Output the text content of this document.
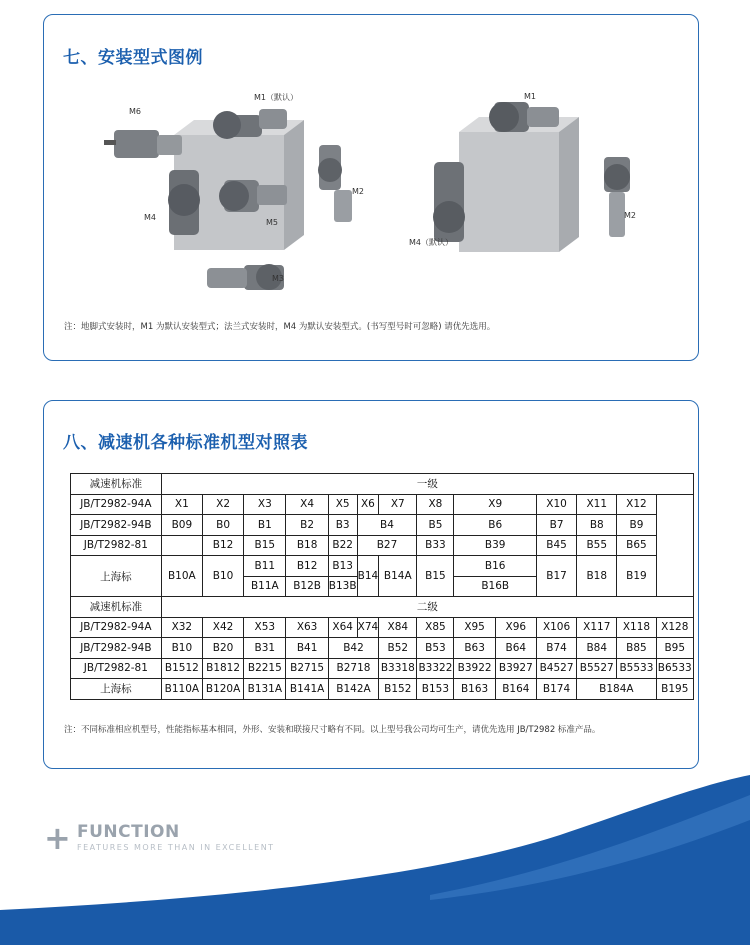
七、安装型式图例
M1（默认）
M6
M4
M5
M2
M3
M1
M2
M4（默认）
注：地脚式安装时，M1 为默认安装型式；法兰式安装时，M4 为默认安装型式。(书写型号时可忽略) 请优先选用。
八、减速机各种标准机型对照表
减速机标准	一级													
JB/T2982-94A	X1	X2	X3	X4	X5	X6	X7	X8	X9		X10	X11	X12	
JB/T2982-94B	B09	B0	B1	B2	B3	B4		B5	B6		B7	B8	B9	
JB/T2982-81		B12	B15	B18	B22	B27		B33	B39		B45	B55	B65	
上海标	B10A	B10	B11	B12	B13	B14	B14A	B15	B16		B17	B18	B19	
			B11A	B12B	B13B				B16B					
减速机标准	二级													
JB/T2982-94A	X32	X42	X53	X63	X64	X74	X84	X85	X95	X96	X106	X117	X118	X128
JB/T2982-94B	B10	B20	B31	B41	B42		B52	B53	B63	B64	B74	B84	B85	B95
JB/T2982-81	B1512	B1812	B2215	B2715	B2718		B3318	B3322	B3922	B3927	B4527	B5527	B5533	B6533
上海标	B110A	B120A	B131A	B141A	B142A		B152	B153	B163	B164	B174	B184A		B195
注：不同标准相应机型号，性能指标基本相同，外形、安装和联接尺寸略有不同。以上型号我公司均可生产，请优先选用 JB/T2982 标准产品。
+ FUNCTION
FEATURES MORE THAN IN EXCELLENT
